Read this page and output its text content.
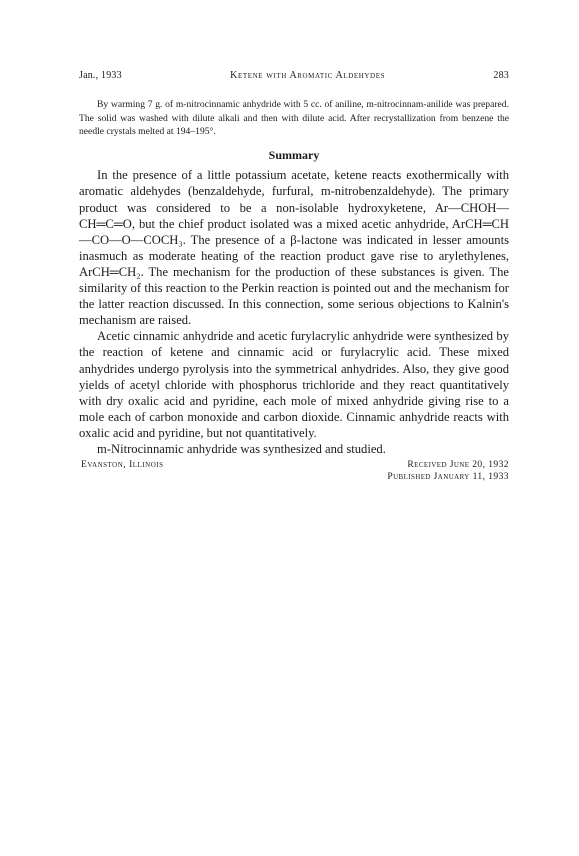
Jan., 1933	Ketene with Aromatic Aldehydes	283

By warming 7 g. of m-nitrocinnamic anhydride with 5 cc. of aniline, m-nitrocinnam-anilide was prepared. The solid was washed with dilute alkali and then with dilute acid. After recrystallization from benzene the needle crystals melted at 194–195°.

Summary

In the presence of a little potassium acetate, ketene reacts exothermically with aromatic aldehydes (benzaldehyde, furfural, m-nitrobenzaldehyde). The primary product was considered to be a non-isolable hydroxyketene, Ar—CHOH—CH═C═O, but the chief product isolated was a mixed acetic anhydride, ArCH═CH—CO—O—COCH₃. The presence of a β-lactone was indicated in lesser amounts inasmuch as moderate heating of the reaction product gave rise to arylethylenes, ArCH═CH₂. The mechanism for the production of these substances is given. The similarity of this reaction to the Perkin reaction is pointed out and the mechanism for the latter reaction discussed. In this connection, some serious objections to Kalnin's mechanism are raised.

Acetic cinnamic anhydride and acetic furylacrylic anhydride were synthesized by the reaction of ketene and cinnamic acid or furylacrylic acid. These mixed anhydrides undergo pyrolysis into the symmetrical anhydrides. Also, they give good yields of acetyl chloride with phosphorus trichloride and they react quantitatively with dry oxalic acid and pyridine, each mole of mixed anhydride giving rise to a mole each of carbon monoxide and carbon dioxide. Cinnamic anhydride reacts with oxalic acid and pyridine, but not quantitatively.

m-Nitrocinnamic anhydride was synthesized and studied.

Evanston, Illinois	Received June 20, 1932
Published January 11, 1933
